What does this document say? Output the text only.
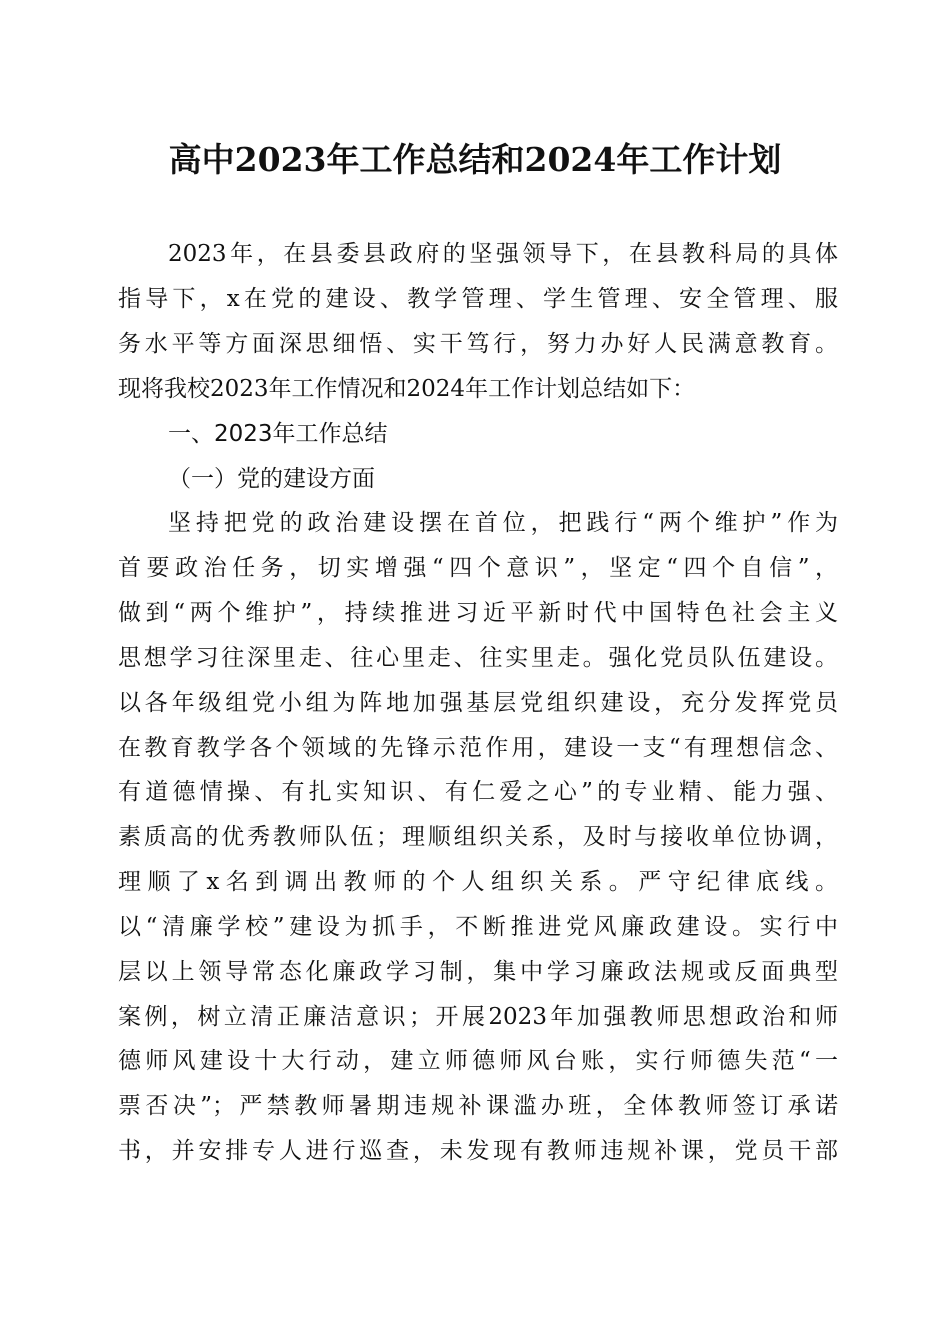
高中2023年工作总结和2024年工作计划

2023年，在县委县政府的坚强领导下，在县教科局的具体

指导下，x在党的建设、教学管理、学生管理、安全管理、服

务水平等方面深思细悟、实干笃行，努力办好人民满意教育。

现将我校2023年工作情况和2024年工作计划总结如下：

一、2023年工作总结

（一）党的建设方面

坚持把党的政治建设摆在首位，把践行“两个维护”作为

首要政治任务，切实增强“四个意识”，坚定“四个自信”，

做到“两个维护”，持续推进习近平新时代中国特色社会主义

思想学习往深里走、往心里走、往实里走。强化党员队伍建设。

以各年级组党小组为阵地加强基层党组织建设，充分发挥党员

在教育教学各个领域的先锋示范作用，建设一支“有理想信念、

有道德情操、有扎实知识、有仁爱之心”的专业精、能力强、

素质高的优秀教师队伍；理顺组织关系，及时与接收单位协调，

理顺了x名到调出教师的个人组织关系。严守纪律底线。

以“清廉学校”建设为抓手，不断推进党风廉政建设。实行中

层以上领导常态化廉政学习制，集中学习廉政法规或反面典型

案例，树立清正廉洁意识；开展2023年加强教师思想政治和师

德师风建设十大行动，建立师德师风台账，实行师德失范“一

票否决”；严禁教师暑期违规补课滥办班，全体教师签订承诺

书，并安排专人进行巡查，未发现有教师违规补课，党员干部
